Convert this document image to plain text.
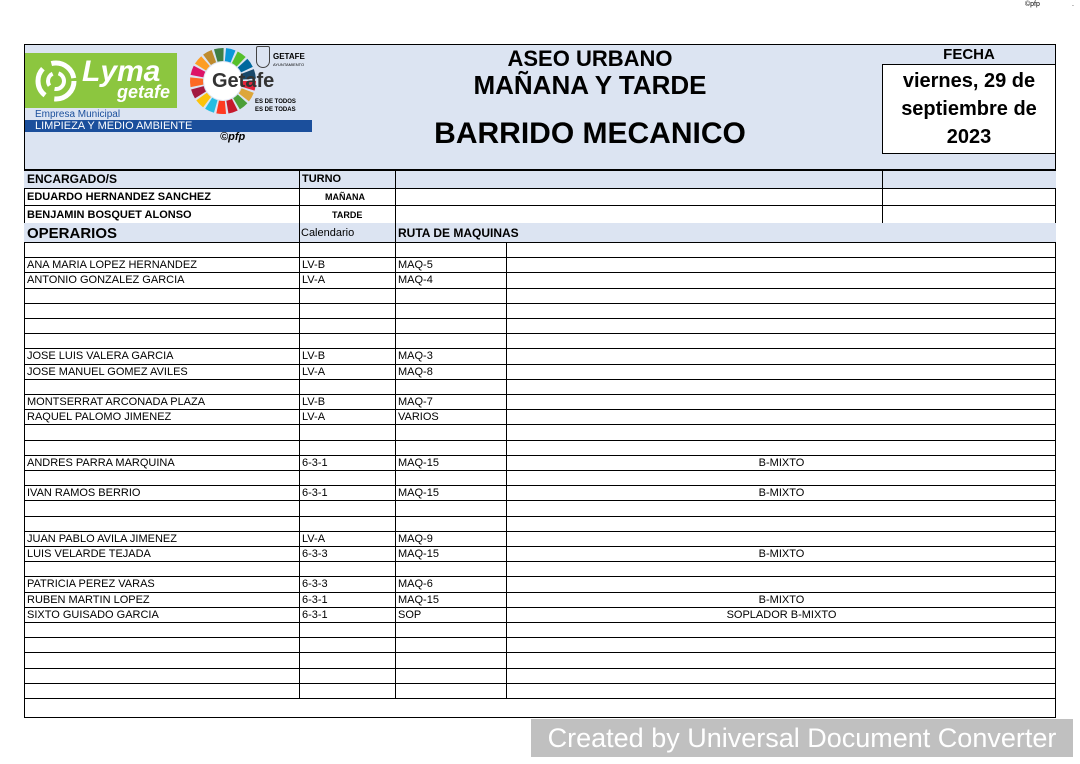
©pfp	.
Lyma
getafe Getafe
GETAFE
AYUNTAMIENTO
ES DE TODOS
ES DE TODAS
Empresa Municipal
LIMPIEZA Y MEDIO AMBIENTE
©pfp
ASEO URBANO
MAÑANA Y TARDE
BARRIDO MECANICO
FECHA
viernes, 29 de
septiembre de
2023
ENCARGADO/S	TURNO
EDUARDO HERNANDEZ SANCHEZ	MAÑANA
BENJAMIN BOSQUET ALONSO	TARDE
OPERARIOS	Calendario	RUTA DE MAQUINAS
ANA MARIA LOPEZ HERNANDEZ	LV-B	MAQ-5
ANTONIO GONZALEZ GARCIA	LV-A	MAQ-4
JOSE LUIS VALERA GARCIA	LV-B	MAQ-3
JOSE MANUEL GOMEZ AVILES	LV-A	MAQ-8
MONTSERRAT ARCONADA PLAZA	LV-B	MAQ-7
RAQUEL PALOMO JIMENEZ	LV-A	VARIOS
ANDRES PARRA MARQUINA	6-3-1	MAQ-15	B-MIXTO
IVAN RAMOS BERRIO	6-3-1	MAQ-15	B-MIXTO
JUAN PABLO AVILA JIMENEZ	LV-A	MAQ-9
LUIS VELARDE TEJADA	6-3-3	MAQ-15	B-MIXTO
PATRICIA PEREZ VARAS	6-3-3	MAQ-6
RUBEN MARTIN LOPEZ	6-3-1	MAQ-15	B-MIXTO
SIXTO GUISADO GARCIA	6-3-1	SOP	SOPLADOR B-MIXTO
Created by Universal Document Converter
